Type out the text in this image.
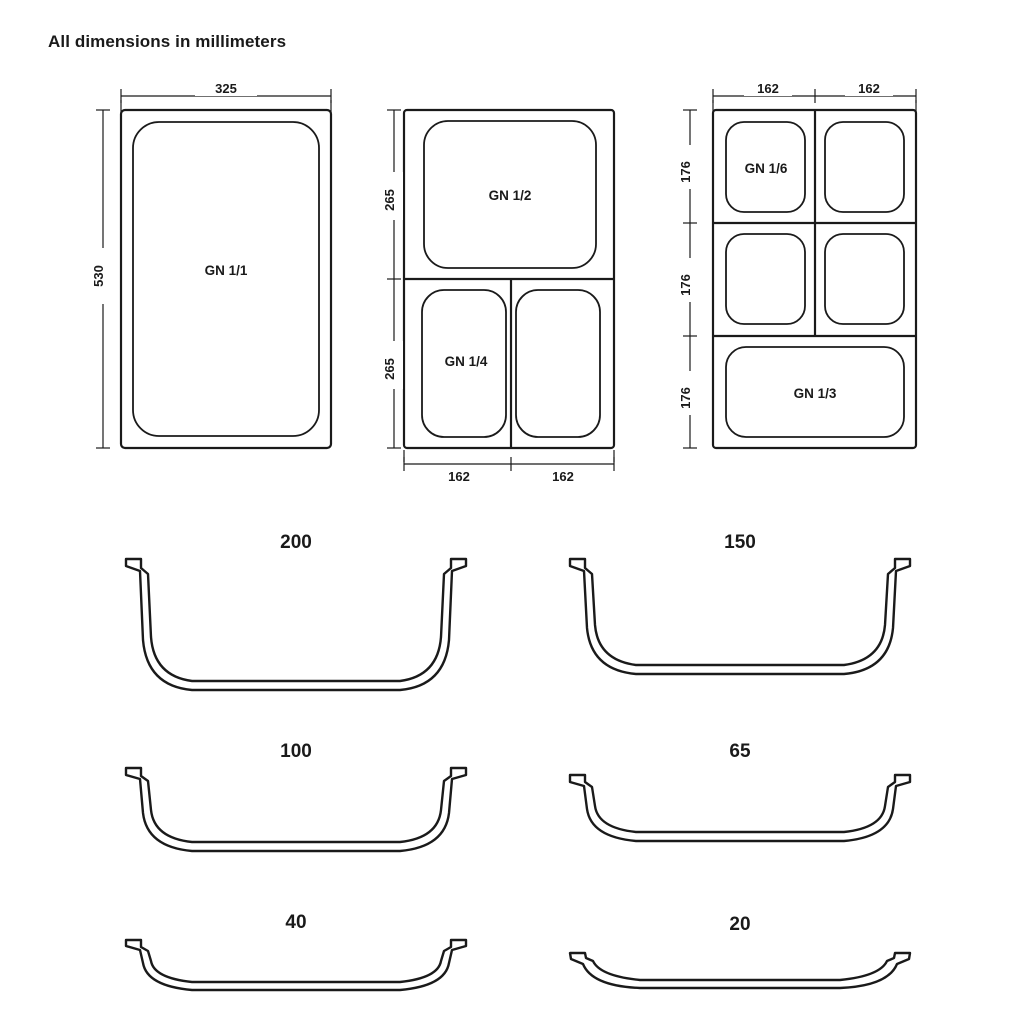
All dimensions in millimeters
GN 1/1
325
530
GN 1/2
GN 1/4
265
265
162	162
GN 1/6
GN 1/3
162	162
176
176
176
200	150
100	65
40	20
